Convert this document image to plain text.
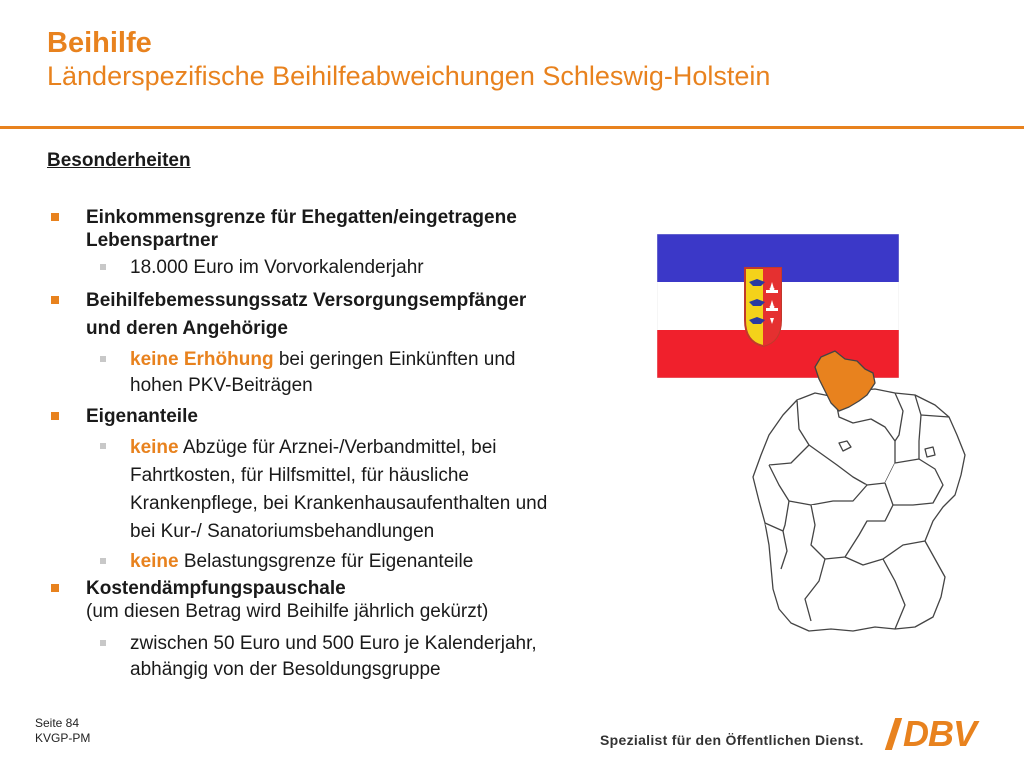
Beihilfe
Länderspezifische Beihilfeabweichungen Schleswig-Holstein
Besonderheiten
Einkommensgrenze für Ehegatten/eingetragene
Lebenspartner
18.000 Euro im Vorvorkalenderjahr
Beihilfebemessungssatz Versorgungsempfänger
und deren Angehörige
keine Erhöhung bei geringen Einkünften und
hohen PKV-Beiträgen
Eigenanteile
keine Abzüge für Arznei-/Verbandmittel, bei
Fahrtkosten, für Hilfsmittel, für häusliche
Krankenpflege, bei Krankenhausaufenthalten und
bei Kur-/ Sanatoriumsbehandlungen
keine Belastungsgrenze für Eigenanteile
Kostendämpfungspauschale
(um diesen Betrag wird Beihilfe jährlich gekürzt)
zwischen 50 Euro und 500 Euro je Kalenderjahr,
abhängig von der Besoldungsgruppe
Seite 84
KVGP-PM	Spezialist für den Öffentlichen Dienst. DBV
